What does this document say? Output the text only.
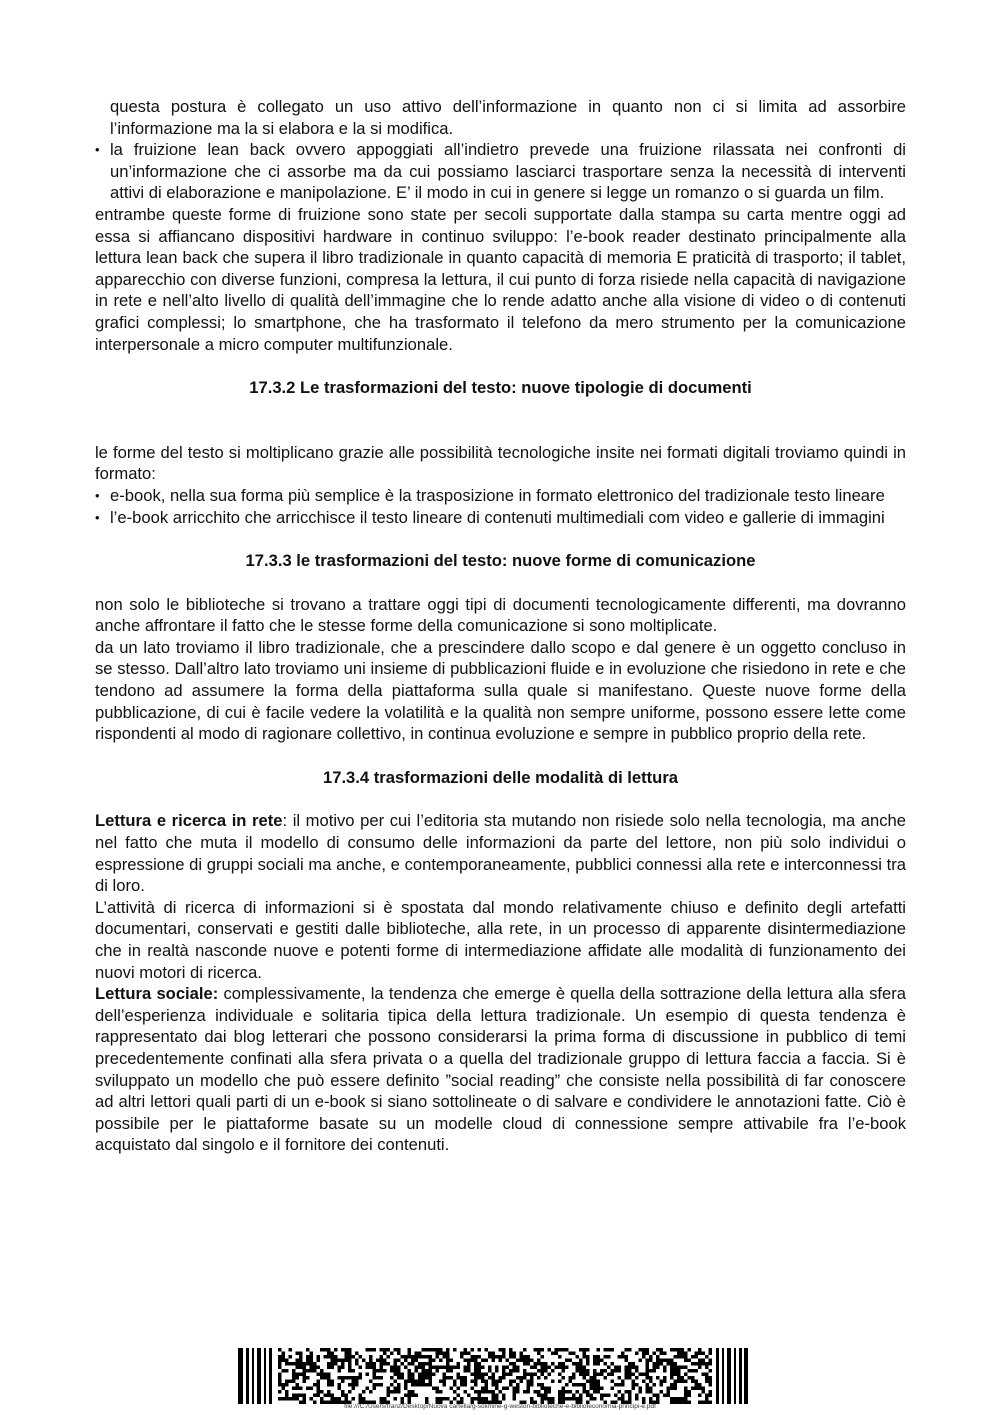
questa postura è collegato un uso attivo dell’informazione in quanto non ci si limita ad assorbire l’informazione ma la si elabora e la si modifica.

• la fruizione lean back ovvero appoggiati all’indietro prevede una fruizione rilassata nei confronti di un’informazione che ci assorbe ma da cui possiamo lasciarci trasportare senza la necessità di interventi attivi di elaborazione e manipolazione. E’ il modo in cui in genere si legge un romanzo o si guarda un film.

entrambe queste forme di fruizione sono state per secoli supportate dalla stampa su carta mentre oggi ad essa si affiancano dispositivi hardware in continuo sviluppo: l’e-book reader destinato principalmente alla lettura lean back che supera il libro tradizionale in quanto capacità di memoria E praticità di trasporto; il tablet, apparecchio con diverse funzioni, compresa la lettura, il cui punto di forza risiede nella capacità di navigazione in rete e nell’alto livello di qualità dell’immagine che lo rende adatto anche alla visione di video o di contenuti grafici complessi; lo smartphone, che ha trasformato il telefono da mero strumento per la comunicazione interpersonale a micro computer multifunzionale.

17.3.2 Le trasformazioni del testo: nuove tipologie di documenti

le forme del testo si moltiplicano grazie alle possibilità tecnologiche insite nei formati digitali troviamo quindi in formato:

• e-book, nella sua forma più semplice è la trasposizione in formato elettronico del tradizionale testo lineare
• l’e-book arricchito che arricchisce il testo lineare di contenuti multimediali com video e gallerie di immagini
17.3.3 le trasformazioni del testo: nuove forme di comunicazione

non solo le biblioteche si trovano a trattare oggi tipi di documenti tecnologicamente differenti, ma dovranno anche affrontare il fatto che le stesse forme della comunicazione si sono moltiplicate.

da un lato troviamo il libro tradizionale, che a prescindere dallo scopo e dal genere è un oggetto concluso in se stesso. Dall’altro lato troviamo uni insieme di pubblicazioni fluide e in evoluzione che risiedono in rete e che tendono ad assumere la forma della piattaforma sulla quale si manifestano. Queste nuove forme della pubblicazione, di cui è facile vedere la volatilità e la qualità non sempre uniforme, possono essere lette come rispondenti al modo di ragionare collettivo, in continua evoluzione e sempre in pubblico proprio della rete.

17.3.4 trasformazioni delle modalità di lettura

Lettura e ricerca in rete: il motivo per cui l’editoria sta mutando non risiede solo nella tecnologia, ma anche nel fatto che muta il modello di consumo delle informazioni da parte del lettore, non più solo individui o espressione di gruppi sociali ma anche, e contemporaneamente, pubblici connessi alla rete e interconnessi tra di loro.

L’attività di ricerca di informazioni si è spostata dal mondo relativamente chiuso e definito degli artefatti documentari, conservati e gestiti dalle biblioteche, alla rete, in un processo di apparente disintermediazione che in realtà nasconde nuove e potenti forme di intermediazione affidate alle modalità di funzionamento dei nuovi motori di ricerca.

Lettura sociale: complessivamente, la tendenza che emerge è quella della sottrazione della lettura alla sfera dell’esperienza individuale e solitaria tipica della lettura tradizionale. Un esempio di questa tendenza è rappresentato dai blog letterari che possono considerarsi la prima forma di discussione in pubblico di temi precedentemente confinati alla sfera privata o a quella del tradizionale gruppo di lettura faccia a faccia. Si è sviluppato un modello che può essere definito ”social reading” che consiste nella possibilità di far conoscere ad altri lettori quali parti di un e-book si siano sottolineate o di salvare e condividere le annotazioni fatte. Ciò è possibile per le piattaforme basate su un modelle cloud di connessione sempre attivabile fra l’e-book acquistato dal singolo e il fornitore dei contenuti.

file:///C:/Users/franz/Desktop/Nuova cartella/g-solimine-g-weston-biblioteche-e-biblioteconomia-principi-e.pdf
